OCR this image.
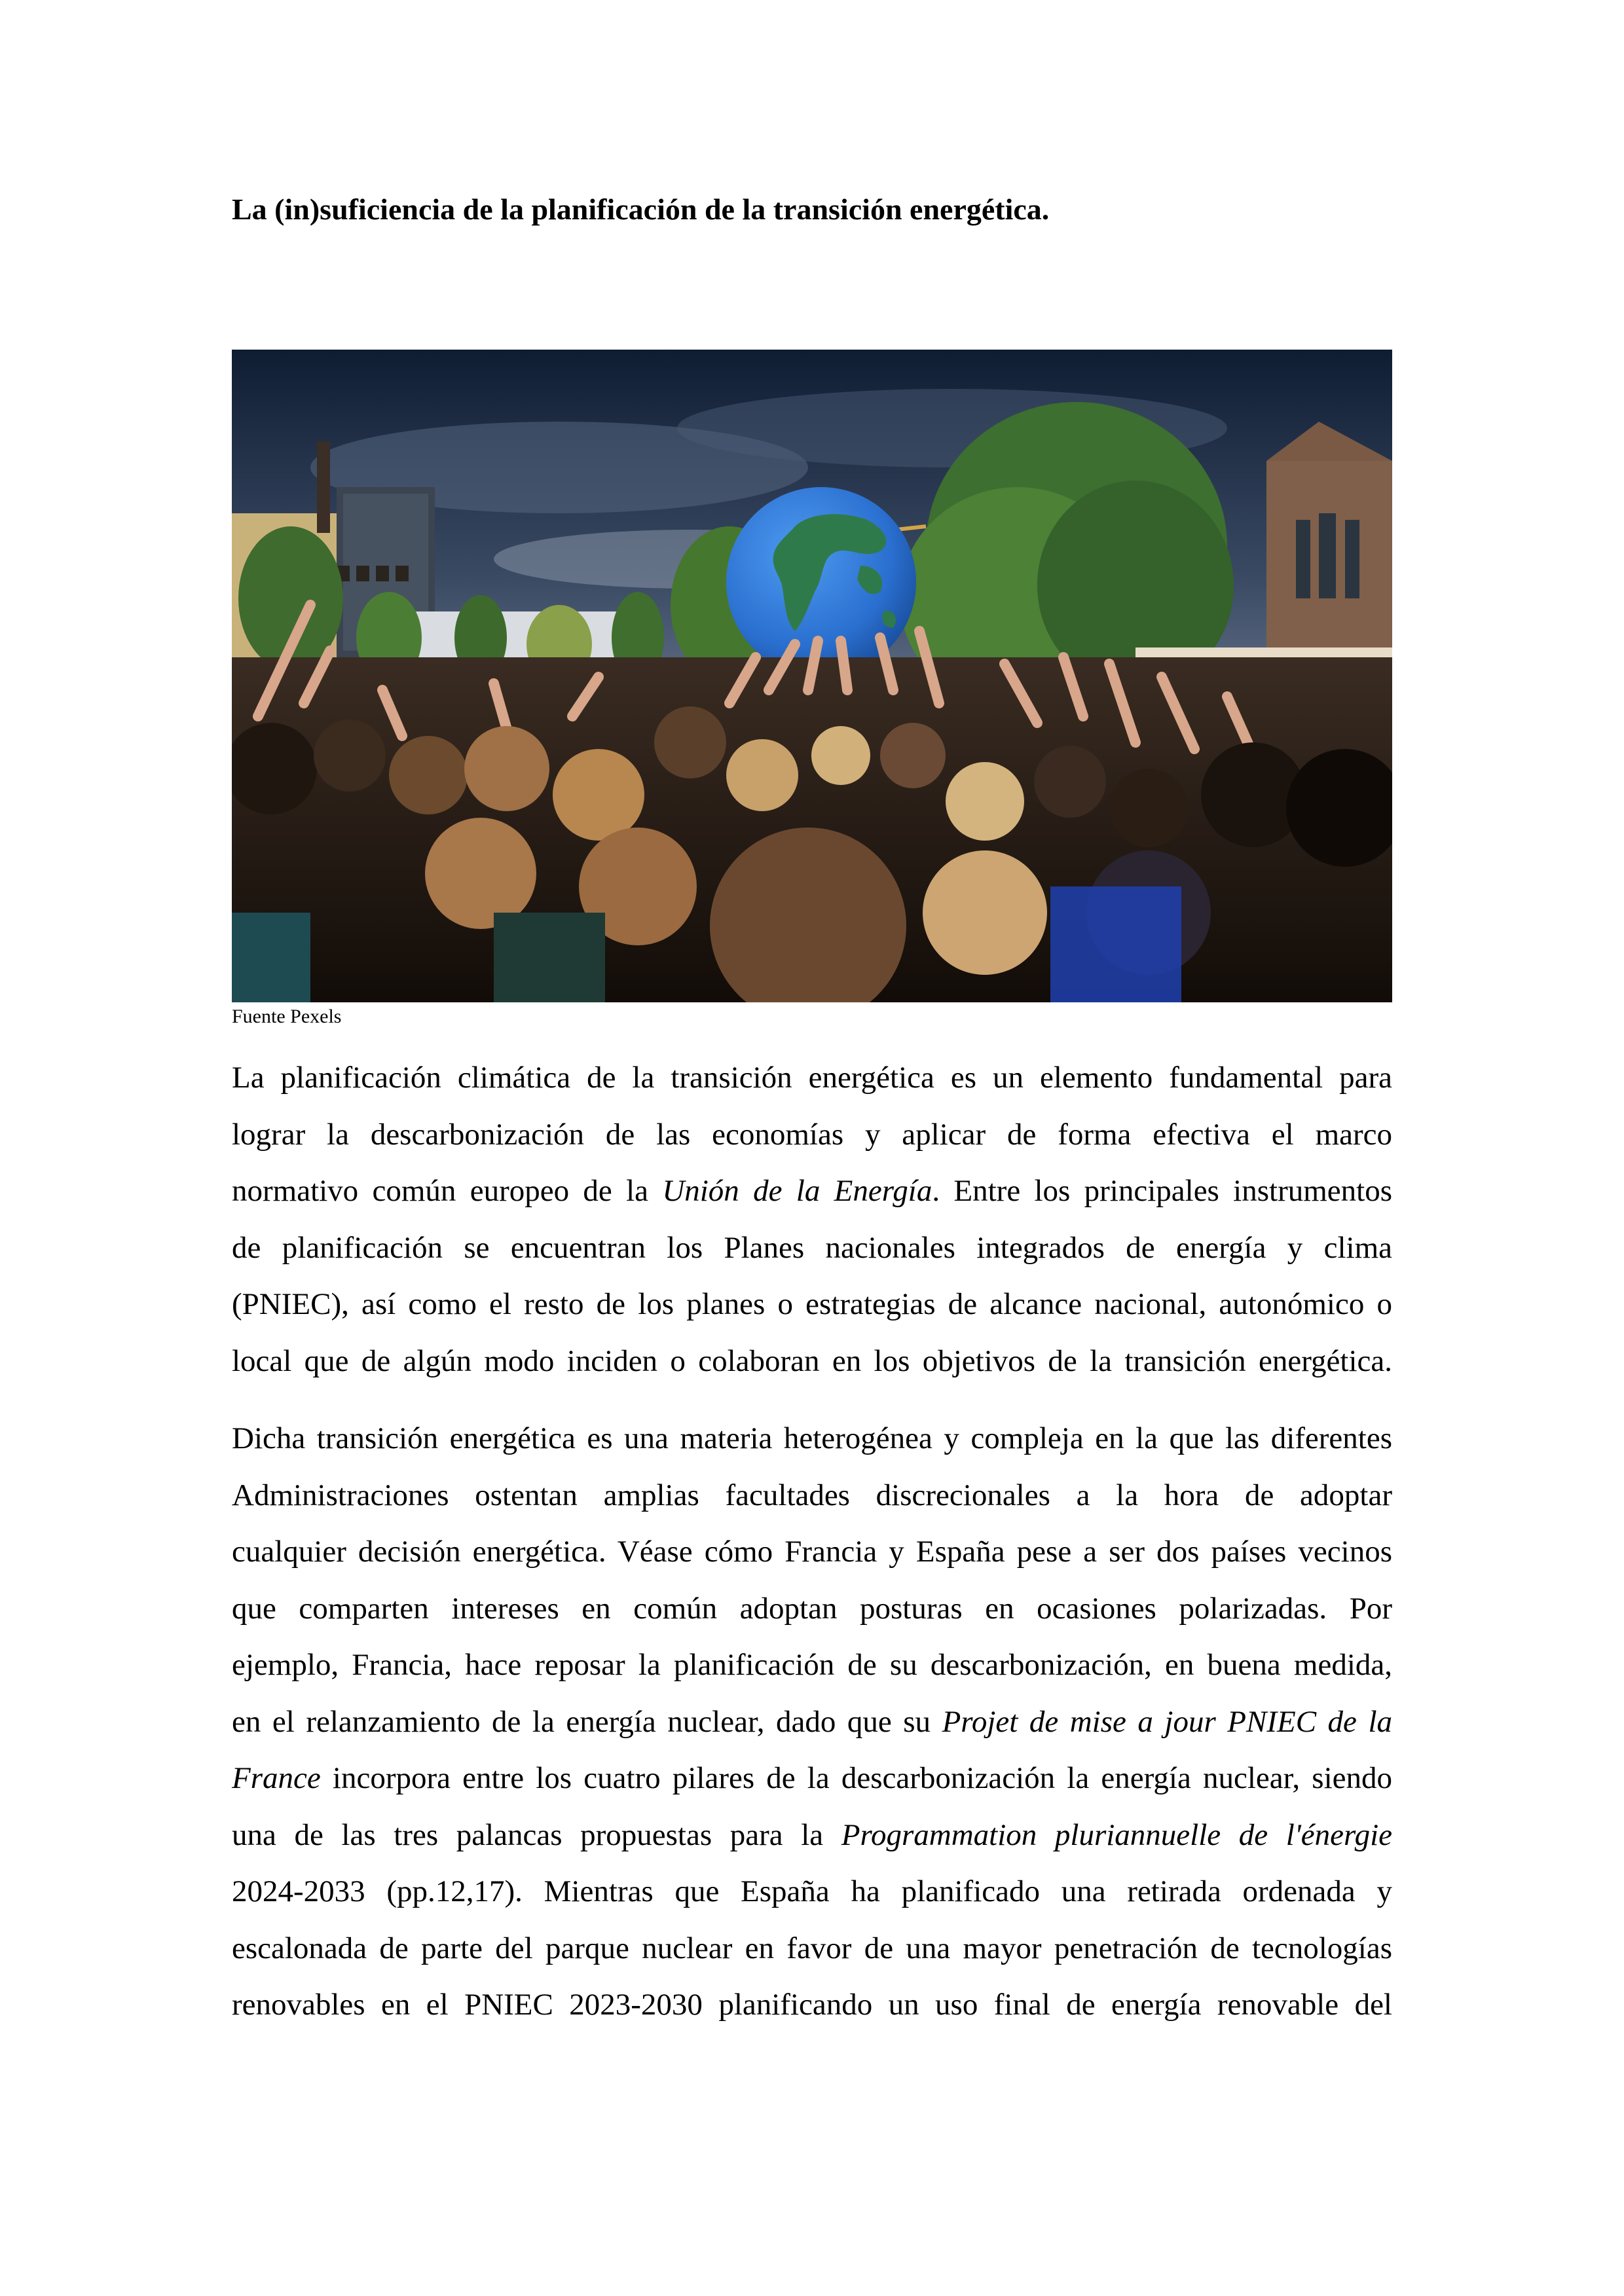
La (in)suficiencia de la planificación de la transición energética.
Fuente Pexels
La planificación climática de la transición energética es un elemento fundamental para
lograr la descarbonización de las economías y aplicar de forma efectiva el marco
normativo común europeo de la Unión de la Energía. Entre los principales instrumentos
de planificación se encuentran los Planes nacionales integrados de energía y clima
(PNIEC), así como el resto de los planes o estrategias de alcance nacional, autonómico o
local que de algún modo inciden o colaboran en los objetivos de la transición energética.
Dicha transición energética es una materia heterogénea y compleja en la que las diferentes
Administraciones ostentan amplias facultades discrecionales a la hora de adoptar
cualquier decisión energética. Véase cómo Francia y España pese a ser dos países vecinos
que comparten intereses en común adoptan posturas en ocasiones polarizadas. Por
ejemplo, Francia, hace reposar la planificación de su descarbonización, en buena medida,
en el relanzamiento de la energía nuclear, dado que su Projet de mise a jour PNIEC de la
France incorpora entre los cuatro pilares de la descarbonización la energía nuclear, siendo
una de las tres palancas propuestas para la Programmation pluriannuelle de l'énergie
2024-2033 (pp.12,17). Mientras que España ha planificado una retirada ordenada y
escalonada de parte del parque nuclear en favor de una mayor penetración de tecnologías
renovables en el PNIEC 2023-2030 planificando un uso final de energía renovable del
